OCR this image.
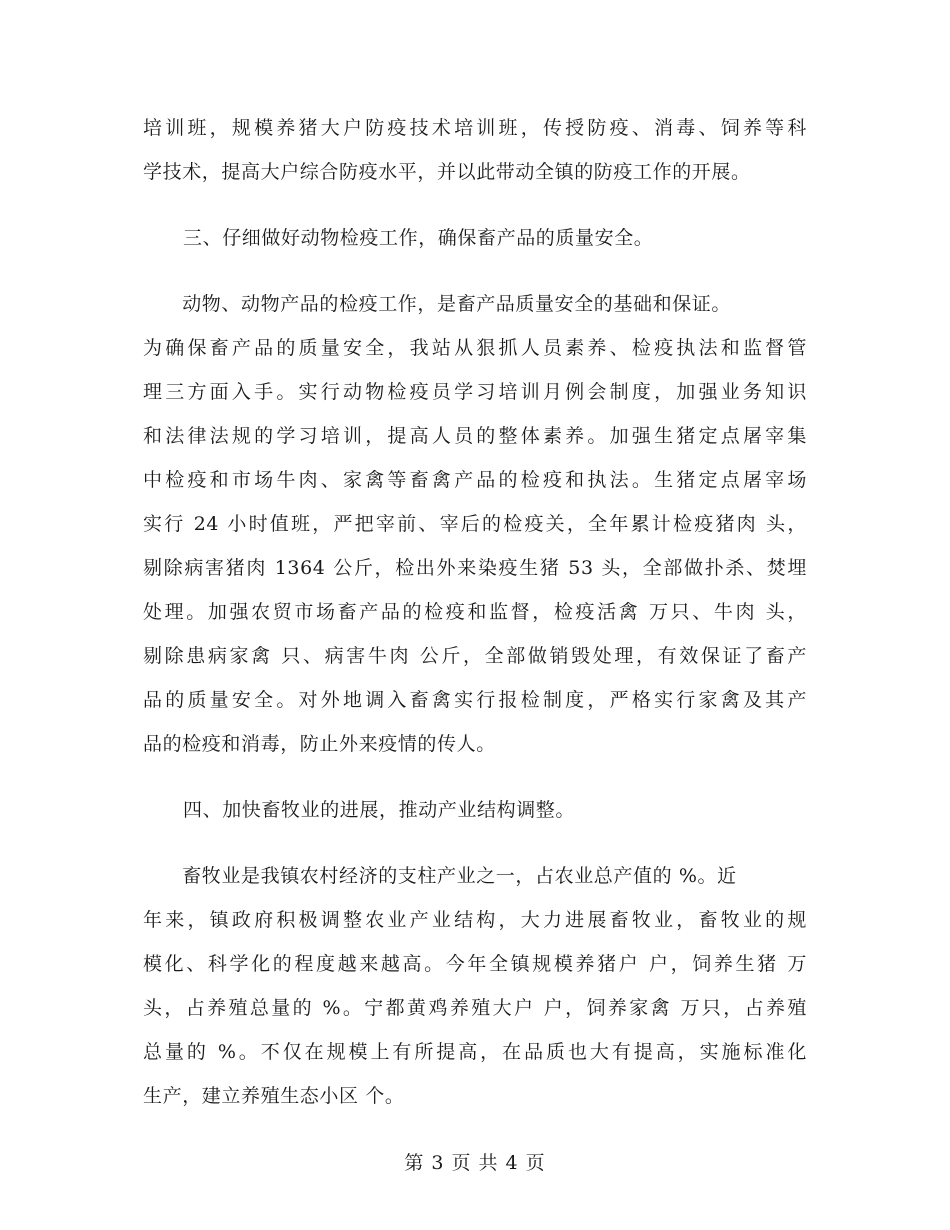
培训班，规模养猪大户防疫技术培训班，传授防疫、消毒、饲养等科
学技术，提高大户综合防疫水平，并以此带动全镇的防疫工作的开展。
三、仔细做好动物检疫工作，确保畜产品的质量安全。
　　动物、动物产品的检疫工作，是畜产品质量安全的基础和保证。
为确保畜产品的质量安全，我站从狠抓人员素养、检疫执法和监督管
理三方面入手。实行动物检疫员学习培训月例会制度，加强业务知识
和法律法规的学习培训，提高人员的整体素养。加强生猪定点屠宰集
中检疫和市场牛肉、家禽等畜禽产品的检疫和执法。生猪定点屠宰场
实行 24 小时值班，严把宰前、宰后的检疫关，全年累计检疫猪肉 头，
剔除病害猪肉 1364 公斤，检出外来染疫生猪 53 头，全部做扑杀、焚埋
处理。加强农贸市场畜产品的检疫和监督，检疫活禽 万只、牛肉 头，
剔除患病家禽 只、病害牛肉 公斤，全部做销毁处理，有效保证了畜产
品的质量安全。对外地调入畜禽实行报检制度，严格实行家禽及其产
品的检疫和消毒，防止外来疫情的传人。
四、加快畜牧业的进展，推动产业结构调整。
　　畜牧业是我镇农村经济的支柱产业之一，占农业总产值的 %。近
年来，镇政府积极调整农业产业结构，大力进展畜牧业，畜牧业的规
模化、科学化的程度越来越高。今年全镇规模养猪户 户，饲养生猪 万
头，占养殖总量的 %。宁都黄鸡养殖大户 户，饲养家禽 万只，占养殖
总量的 %。不仅在规模上有所提高，在品质也大有提高，实施标准化
生产，建立养殖生态小区 个。
第 3 页 共 4 页
